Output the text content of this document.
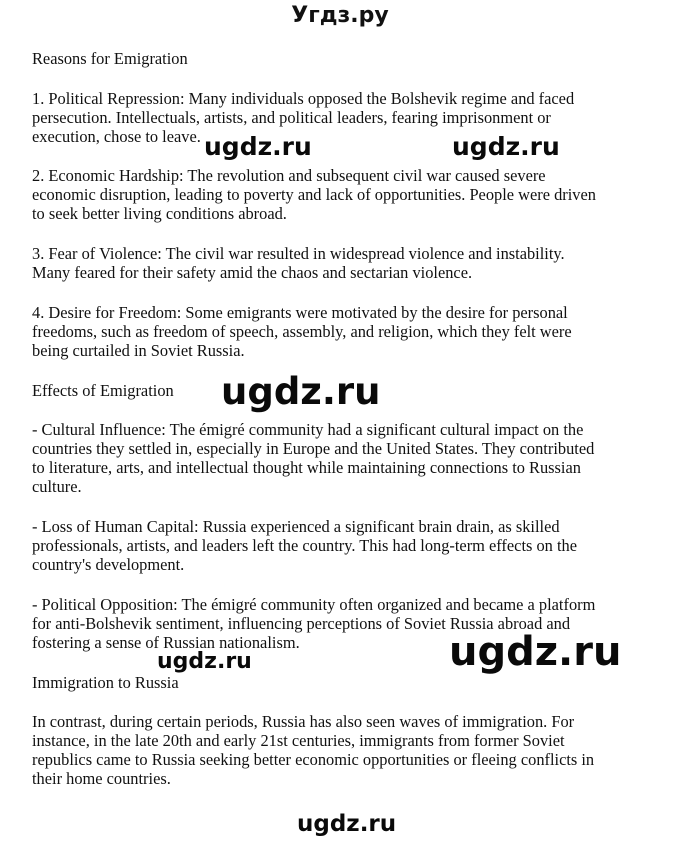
Угдз.ру
Reasons for Emigration
1. Political Repression: Many individuals opposed the Bolshevik regime and faced
persecution. Intellectuals, artists, and political leaders, fearing imprisonment or
execution, chose to leave.
2. Economic Hardship: The revolution and subsequent civil war caused severe
economic disruption, leading to poverty and lack of opportunities. People were driven
to seek better living conditions abroad.
3. Fear of Violence: The civil war resulted in widespread violence and instability.
Many feared for their safety amid the chaos and sectarian violence.
4. Desire for Freedom: Some emigrants were motivated by the desire for personal
freedoms, such as freedom of speech, assembly, and religion, which they felt were
being curtailed in Soviet Russia.
Effects of Emigration
- Cultural Influence: The émigré community had a significant cultural impact on the
countries they settled in, especially in Europe and the United States. They contributed
to literature, arts, and intellectual thought while maintaining connections to Russian
culture.
- Loss of Human Capital: Russia experienced a significant brain drain, as skilled
professionals, artists, and leaders left the country. This had long-term effects on the
country's development.
- Political Opposition: The émigré community often organized and became a platform
for anti-Bolshevik sentiment, influencing perceptions of Soviet Russia abroad and
fostering a sense of Russian nationalism.
Immigration to Russia
In contrast, during certain periods, Russia has also seen waves of immigration. For
instance, in the late 20th and early 21st centuries, immigrants from former Soviet
republics came to Russia seeking better economic opportunities or fleeing conflicts in
their home countries.
ugdz.ru	ugdz.ru
ugdz.ru
ugdz.ru	ugdz.ru
ugdz.ru
